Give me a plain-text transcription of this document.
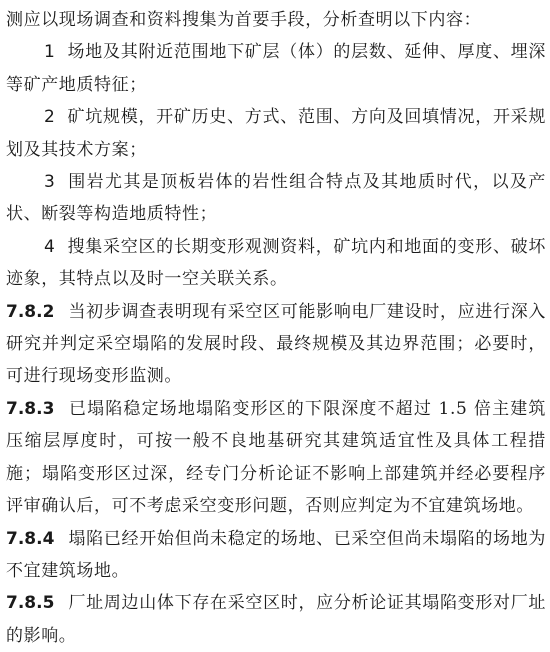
测应以现场调查和资料搜集为首要手段，分析查明以下内容：

1 场地及其附近范围地下矿层（体）的层数、延伸、厚度、埋深等矿产地质特征；

2 矿坑规模，开矿历史、方式、范围、方向及回填情况，开采规划及其技术方案；

3 围岩尤其是顶板岩体的岩性组合特点及其地质时代，以及产状、断裂等构造地质特性；

4 搜集采空区的长期变形观测资料，矿坑内和地面的变形、破坏迹象，其特点以及时一空关联关系。

7.8.2 当初步调查表明现有采空区可能影响电厂建设时，应进行深入研究并判定采空塌陷的发展时段、最终规模及其边界范围；必要时，可进行现场变形监测。

7.8.3 已塌陷稳定场地塌陷变形区的下限深度不超过 1.5 倍主建筑压缩层厚度时，可按一般不良地基研究其建筑适宜性及具体工程措施；塌陷变形区过深，经专门分析论证不影响上部建筑并经必要程序评审确认后，可不考虑采空变形问题，否则应判定为不宜建筑场地。

7.8.4 塌陷已经开始但尚未稳定的场地、已采空但尚未塌陷的场地为不宜建筑场地。

7.8.5 厂址周边山体下存在采空区时，应分析论证其塌陷变形对厂址的影响。
